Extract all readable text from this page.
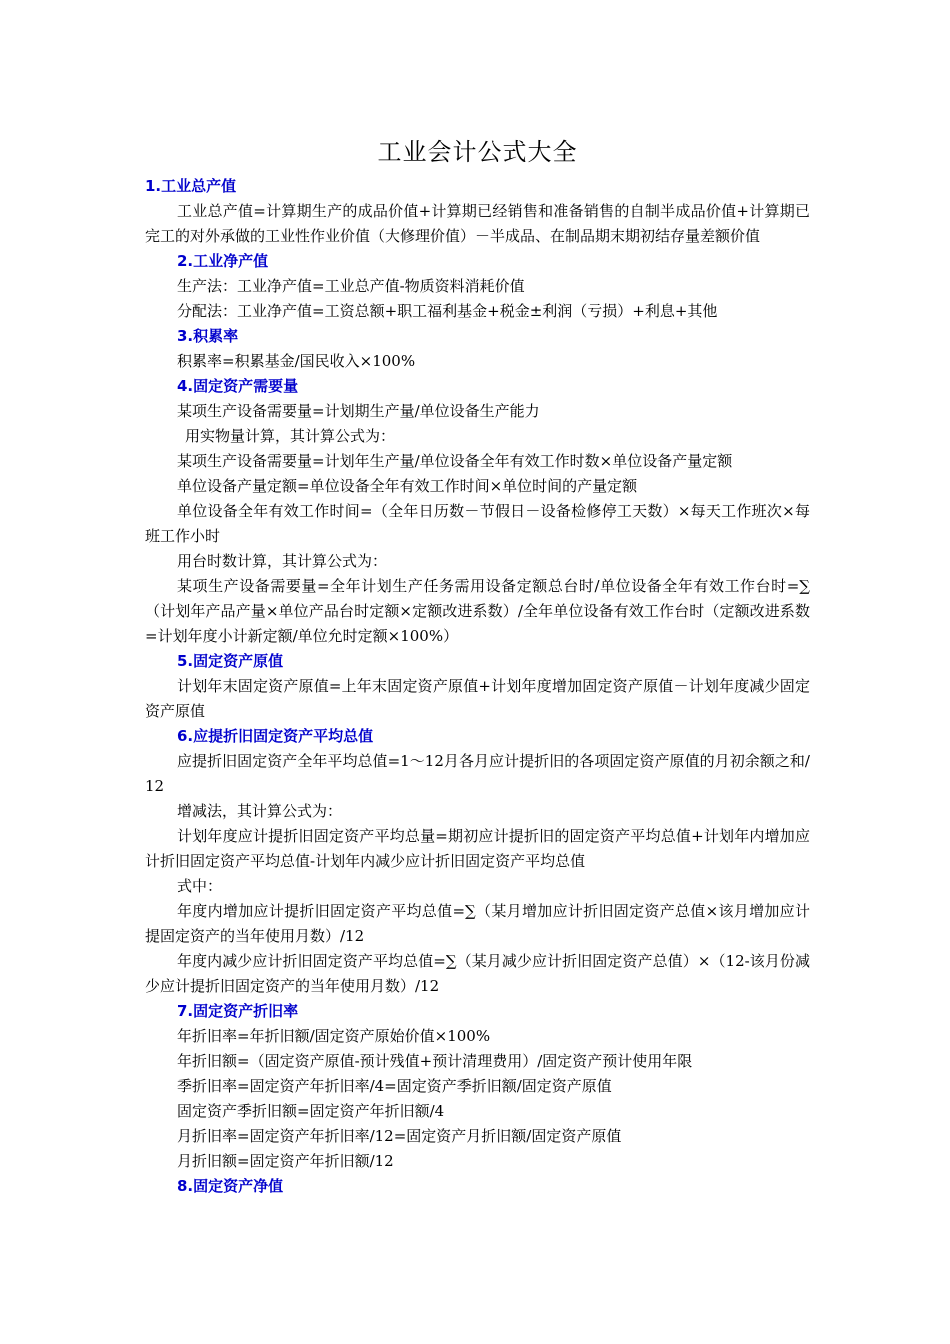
工业会计公式大全
1.工业总产值

工业总产值=计算期生产的成品价值+计算期已经销售和准备销售的自制半成品价值+计算期已完工的对外承做的工业性作业价值（大修理价值）－半成品、在制品期末期初结存量差额价值

2.工业净产值

生产法：工业净产值=工业总产值-物质资料消耗价值

分配法：工业净产值=工资总额+职工福利基金+税金±利润（亏损）+利息+其他

3.积累率

积累率=积累基金/国民收入×100%

4.固定资产需要量

某项生产设备需要量=计划期生产量/单位设备生产能力

用实物量计算，其计算公式为：

某项生产设备需要量=计划年生产量/单位设备全年有效工作时数×单位设备产量定额

单位设备产量定额=单位设备全年有效工作时间×单位时间的产量定额

单位设备全年有效工作时间=（全年日历数－节假日－设备检修停工天数）×每天工作班次×每班工作小时

用台时数计算，其计算公式为：

某项生产设备需要量=全年计划生产任务需用设备定额总台时/单位设备全年有效工作台时=∑（计划年产品产量×单位产品台时定额×定额改进系数）/全年单位设备有效工作台时（定额改进系数=计划年度小计新定额/单位允时定额×100%）

5.固定资产原值

计划年末固定资产原值=上年末固定资产原值+计划年度增加固定资产原值－计划年度减少固定资产原值

6.应提折旧固定资产平均总值

应提折旧固定资产全年平均总值=1～12月各月应计提折旧的各项固定资产原值的月初余额之和/12

增减法，其计算公式为：

计划年度应计提折旧固定资产平均总量=期初应计提折旧的固定资产平均总值+计划年内增加应计折旧固定资产平均总值-计划年内减少应计折旧固定资产平均总值

式中：

年度内增加应计提折旧固定资产平均总值=∑（某月增加应计折旧固定资产总值×该月增加应计提固定资产的当年使用月数）/12

年度内减少应计折旧固定资产平均总值=∑（某月减少应计折旧固定资产总值）×（12-该月份减少应计提折旧固定资产的当年使用月数）/12

7.固定资产折旧率

年折旧率=年折旧额/固定资产原始价值×100%

年折旧额=（固定资产原值-预计残值+预计清理费用）/固定资产预计使用年限

季折旧率=固定资产年折旧率/4=固定资产季折旧额/固定资产原值

固定资产季折旧额=固定资产年折旧额/4

月折旧率=固定资产年折旧率/12=固定资产月折旧额/固定资产原值

月折旧额=固定资产年折旧额/12

8.固定资产净值
